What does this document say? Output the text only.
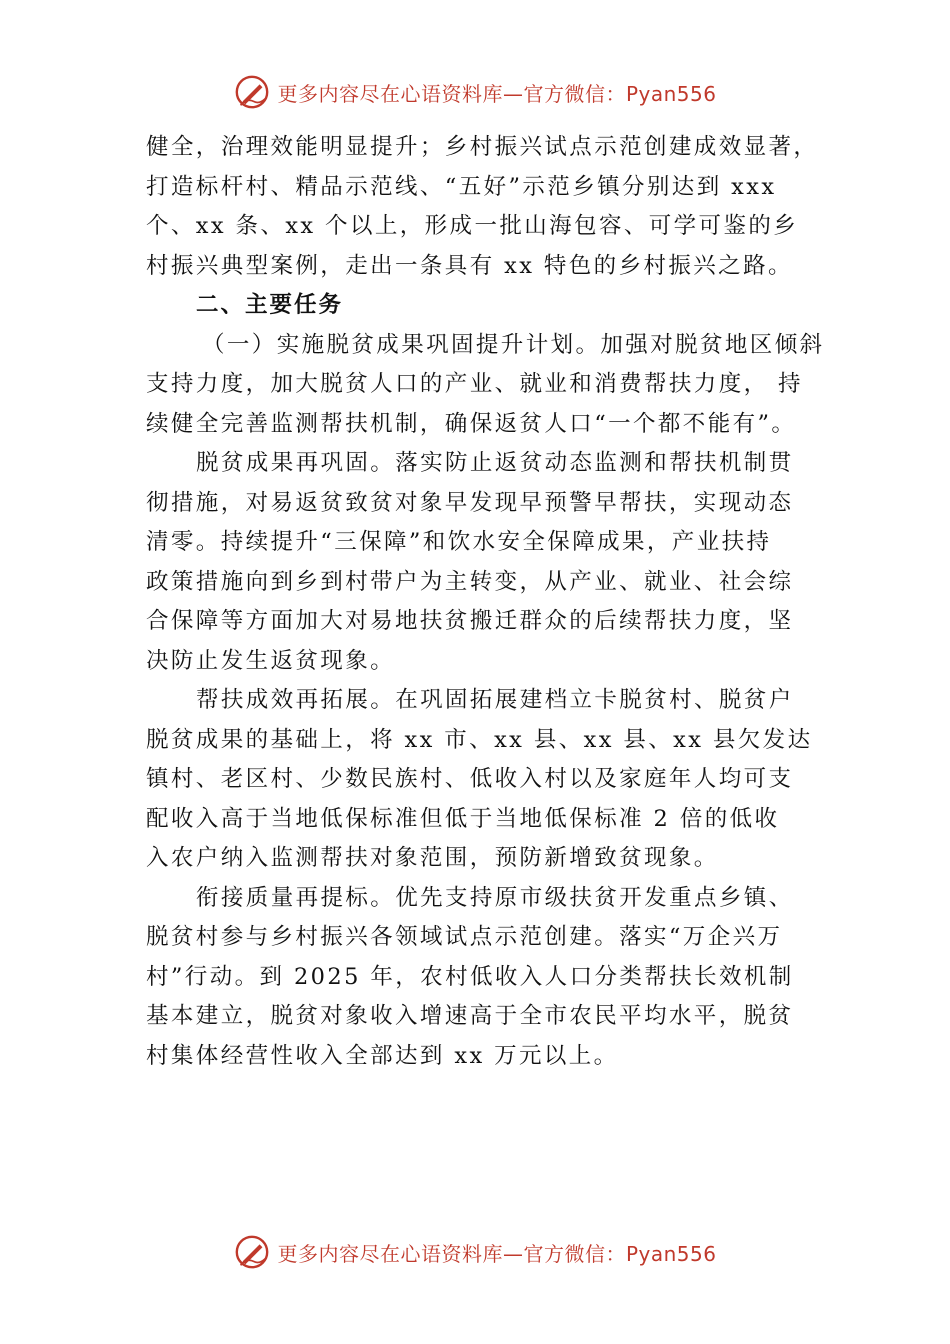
更多内容尽在心语资料库—官方微信：Pyan556
健全，治理效能明显提升；乡村振兴试点示范创建成效显著，
打造标杆村、精品示范线、“五好”示范乡镇分别达到 xxx
个、xx 条、xx 个以上，形成一批山海包容、可学可鉴的乡
村振兴典型案例，走出一条具有 xx 特色的乡村振兴之路。
二、主要任务
（一）实施脱贫成果巩固提升计划。加强对脱贫地区倾斜
支持力度，加大脱贫人口的产业、就业和消费帮扶力度， 持
续健全完善监测帮扶机制，确保返贫人口“一个都不能有”。
脱贫成果再巩固。落实防止返贫动态监测和帮扶机制贯
彻措施，对易返贫致贫对象早发现早预警早帮扶，实现动态
清零。持续提升“三保障”和饮水安全保障成果，产业扶持
政策措施向到乡到村带户为主转变，从产业、就业、社会综
合保障等方面加大对易地扶贫搬迁群众的后续帮扶力度，坚
决防止发生返贫现象。
帮扶成效再拓展。在巩固拓展建档立卡脱贫村、脱贫户
脱贫成果的基础上，将 xx 市、xx 县、xx 县、xx 县欠发达
镇村、老区村、少数民族村、低收入村以及家庭年人均可支
配收入高于当地低保标准但低于当地低保标准 2 倍的低收
入农户纳入监测帮扶对象范围，预防新增致贫现象。
衔接质量再提标。优先支持原市级扶贫开发重点乡镇、
脱贫村参与乡村振兴各领域试点示范创建。落实“万企兴万
村”行动。到 2025 年，农村低收入人口分类帮扶长效机制
基本建立，脱贫对象收入增速高于全市农民平均水平，脱贫
村集体经营性收入全部达到 xx 万元以上。
更多内容尽在心语资料库—官方微信：Pyan556
